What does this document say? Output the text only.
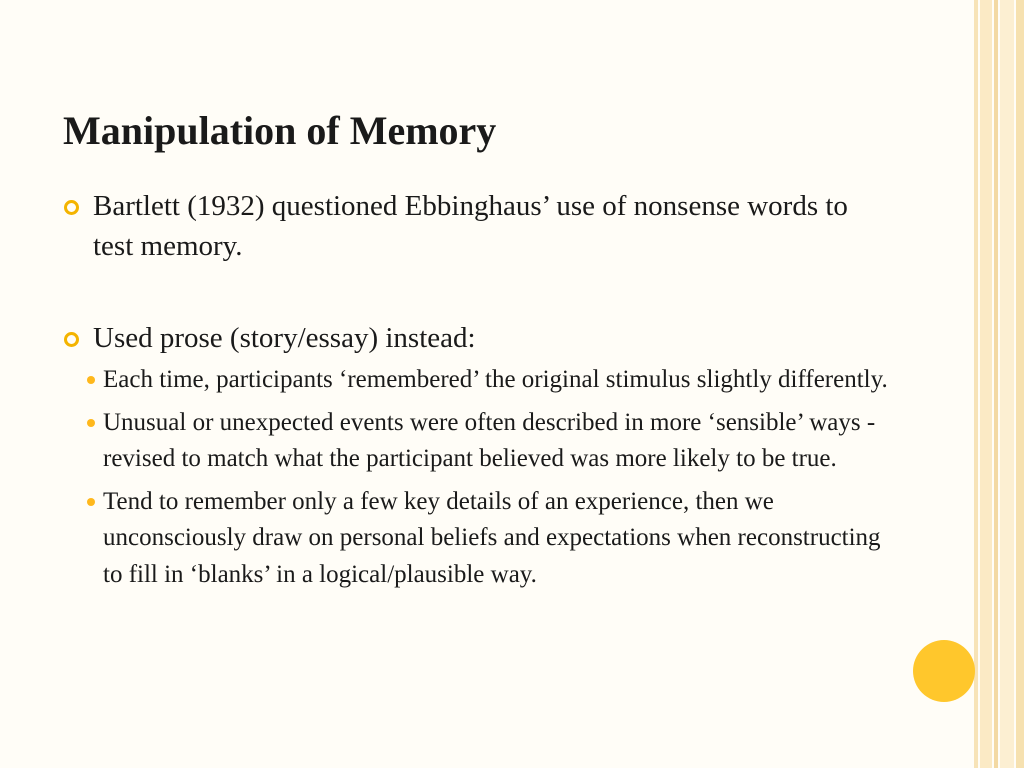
Manipulation of Memory
Bartlett (1932) questioned Ebbinghaus’ use of nonsense words to test memory.
Used prose (story/essay) instead:
Each time, participants ‘remembered’ the original stimulus slightly differently.
Unusual or unexpected events were often described in more ‘sensible’ ways - revised to match what the participant believed was more likely to be true.
Tend to remember only a few key details of an experience, then we unconsciously draw on personal beliefs and expectations when reconstructing to fill in ‘blanks’ in a logical/plausible way.
